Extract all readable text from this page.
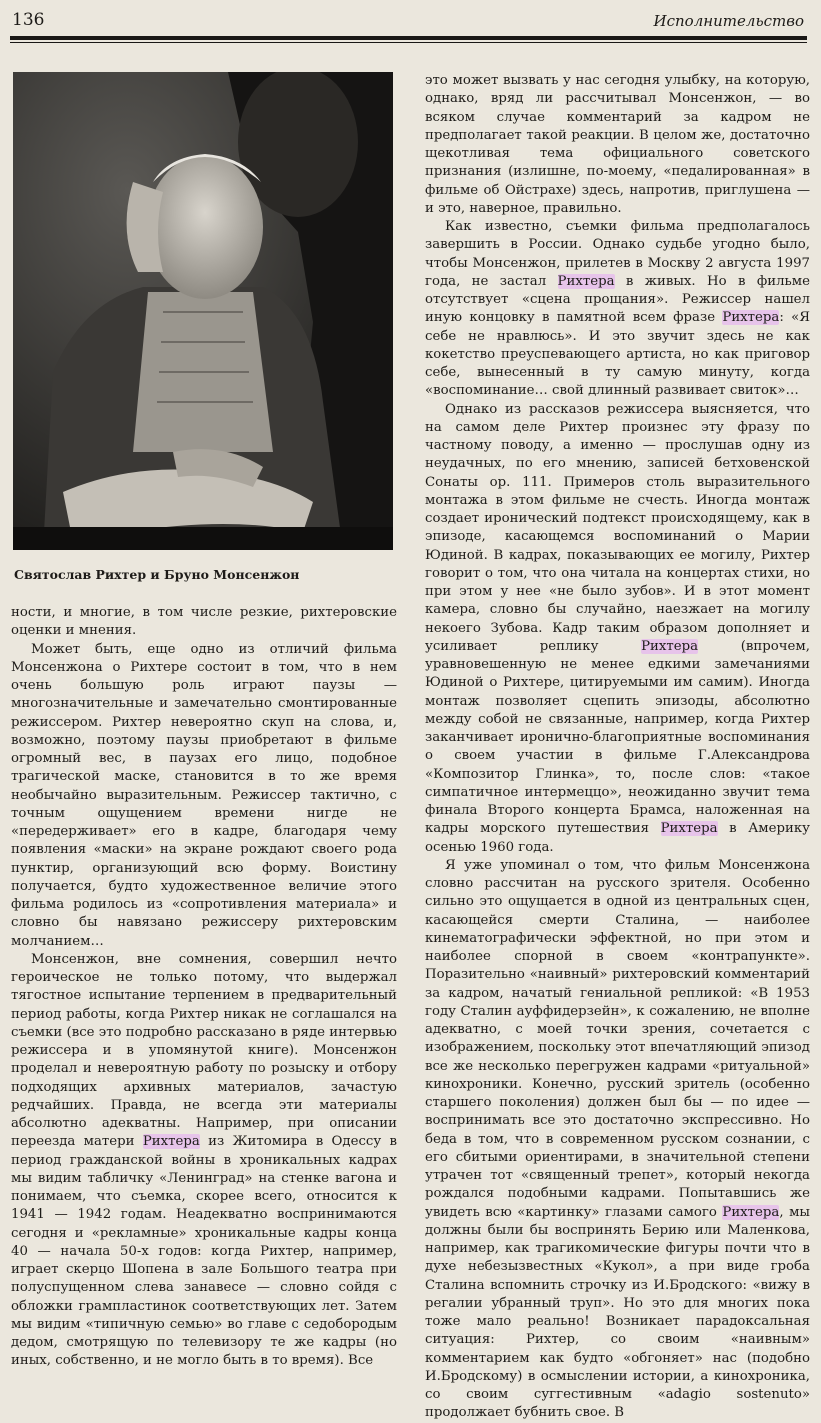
136	Исполнительство
Святослав Рихтер и Бруно Монсенжон

ности, и многие, в том числе резкие, рихтеровские оценки и мнения.

Может быть, еще одно из отличий фильма Монсенжона о Рихтере состоит в том, что в нем очень большую роль играют паузы — многозначительные и замечательно смонтированные режиссером. Рихтер невероятно скуп на слова, и, возможно, поэтому паузы приобретают в фильме огромный вес, в паузах его лицо, подобное трагической маске, становится в то же время необычайно выразительным. Режиссер тактично, с точным ощущением времени нигде не «передерживает» его в кадре, благодаря чему появления «маски» на экране рождают своего рода пунктир, организующий всю форму. Воистину получается, будто художественное величие этого фильма родилось из «сопротивления материала» и словно бы навязано режиссеру рихтеровским молчанием…

Монсенжон, вне сомнения, совершил нечто героическое не только потому, что выдержал тягостное испытание терпением в предварительный период работы, когда Рихтер никак не соглашался на съемки (все это подробно рассказано в ряде интервью режиссера и в упомянутой книге). Монсенжон проделал и невероятную работу по розыску и отбору подходящих архивных материалов, зачастую редчайших. Правда, не всегда эти материалы абсолютно адекватны. Например, при описании переезда матери Рихтера из Житомира в Одессу в период гражданской войны в хроникальных кадрах мы видим табличку «Ленинград» на стенке вагона и понимаем, что съемка, скорее всего, относится к 1941 — 1942 годам. Неадекватно воспринимаются сегодня и «рекламные» хроникальные кадры конца 40 — начала 50-х годов: когда Рихтер, например, играет скерцо Шопена в зале Большого театра при полуспущенном слева занавесе — словно сойдя с обложки грампластинок соответствующих лет. Затем мы видим «типичную семью» во главе с седобородым дедом, смотрящую по телевизору те же кадры (но иных, собственно, и не могло быть в то время). Все

это может вызвать у нас сегодня улыбку, на которую, однако, вряд ли рассчитывал Монсенжон, — во всяком случае комментарий за кадром не предполагает такой реакции. В целом же, достаточно щекотливая тема официального советского признания (излишне, по-моему, «педалированная» в фильме об Ойстрахе) здесь, напротив, приглушена — и это, наверное, правильно.

Как известно, съемки фильма предполагалось завершить в России. Однако судьбе угодно было, чтобы Монсенжон, прилетев в Москву 2 августа 1997 года, не застал Рихтера в живых. Но в фильме отсутствует «сцена прощания». Режиссер нашел иную концовку в памятной всем фразе Рихтера: «Я себе не нравлюсь». И это звучит здесь не как кокетство преуспевающего артиста, но как приговор себе, вынесенный в ту самую минуту, когда «воспоминание… свой длинный развивает свиток»…

Однако из рассказов режиссера выясняется, что на самом деле Рихтер произнес эту фразу по частному поводу, а именно — прослушав одну из неудачных, по его мнению, записей бетховенской Сонаты ор. 111. Примеров столь выразительного монтажа в этом фильме не счесть. Иногда монтаж создает иронический подтекст происходящему, как в эпизоде, касающемся воспоминаний о Марии Юдиной. В кадрах, показывающих ее могилу, Рихтер говорит о том, что она читала на концертах стихи, но при этом у нее «не было зубов». И в этот момент камера, словно бы случайно, наезжает на могилу некоего Зубова. Кадр таким образом дополняет и усиливает реплику Рихтера (впрочем, уравновешенную не менее едкими замечаниями Юдиной о Рихтере, цитируемыми им самим). Иногда монтаж позволяет сцепить эпизоды, абсолютно между собой не связанные, например, когда Рихтер заканчивает иронично-благоприятные воспоминания о своем участии в фильме Г.Александрова «Композитор Глинка», то, после слов: «такое симпатичное интермеццо», неожиданно звучит тема финала Второго концерта Брамса, наложенная на кадры морского путешествия Рихтера в Америку осенью 1960 года.

Я уже упоминал о том, что фильм Монсенжона словно рассчитан на русского зрителя. Особенно сильно это ощущается в одной из центральных сцен, касающейся смерти Сталина, — наиболее кинематографически эффектной, но при этом и наиболее спорной в своем «контрапункте». Поразительно «наивный» рихтеровский комментарий за кадром, начатый гениальной репликой: «В 1953 году Сталин ауффидерзейн», к сожалению, не вполне адекватно, с моей точки зрения, сочетается с изображением, поскольку этот впечатляющий эпизод все же несколько перегружен кадрами «ритуальной» кинохроники. Конечно, русский зритель (особенно старшего поколения) должен был бы — по идее — воспринимать все это достаточно экспрессивно. Но беда в том, что в современном русском сознании, с его сбитыми ориентирами, в значительной степени утрачен тот «священный трепет», который некогда рождался подобными кадрами. Попытавшись же увидеть всю «картинку» глазами самого Рихтера, мы должны были бы воспринять Берию или Маленкова, например, как трагикомические фигуры почти что в духе небезызвестных «Кукол», а при виде гроба Сталина вспомнить строчку из И.Бродского: «вижу в регалии убранный труп». Но это для многих пока тоже мало реально! Возникает парадоксальная ситуация: Рихтер, со своим «наивным» комментарием как будто «обгоняет» нас (подобно И.Бродскому) в осмыслении истории, а кинохроника, со своим суггестивным «adagio sostenuto» продолжает бубнить свое. В
